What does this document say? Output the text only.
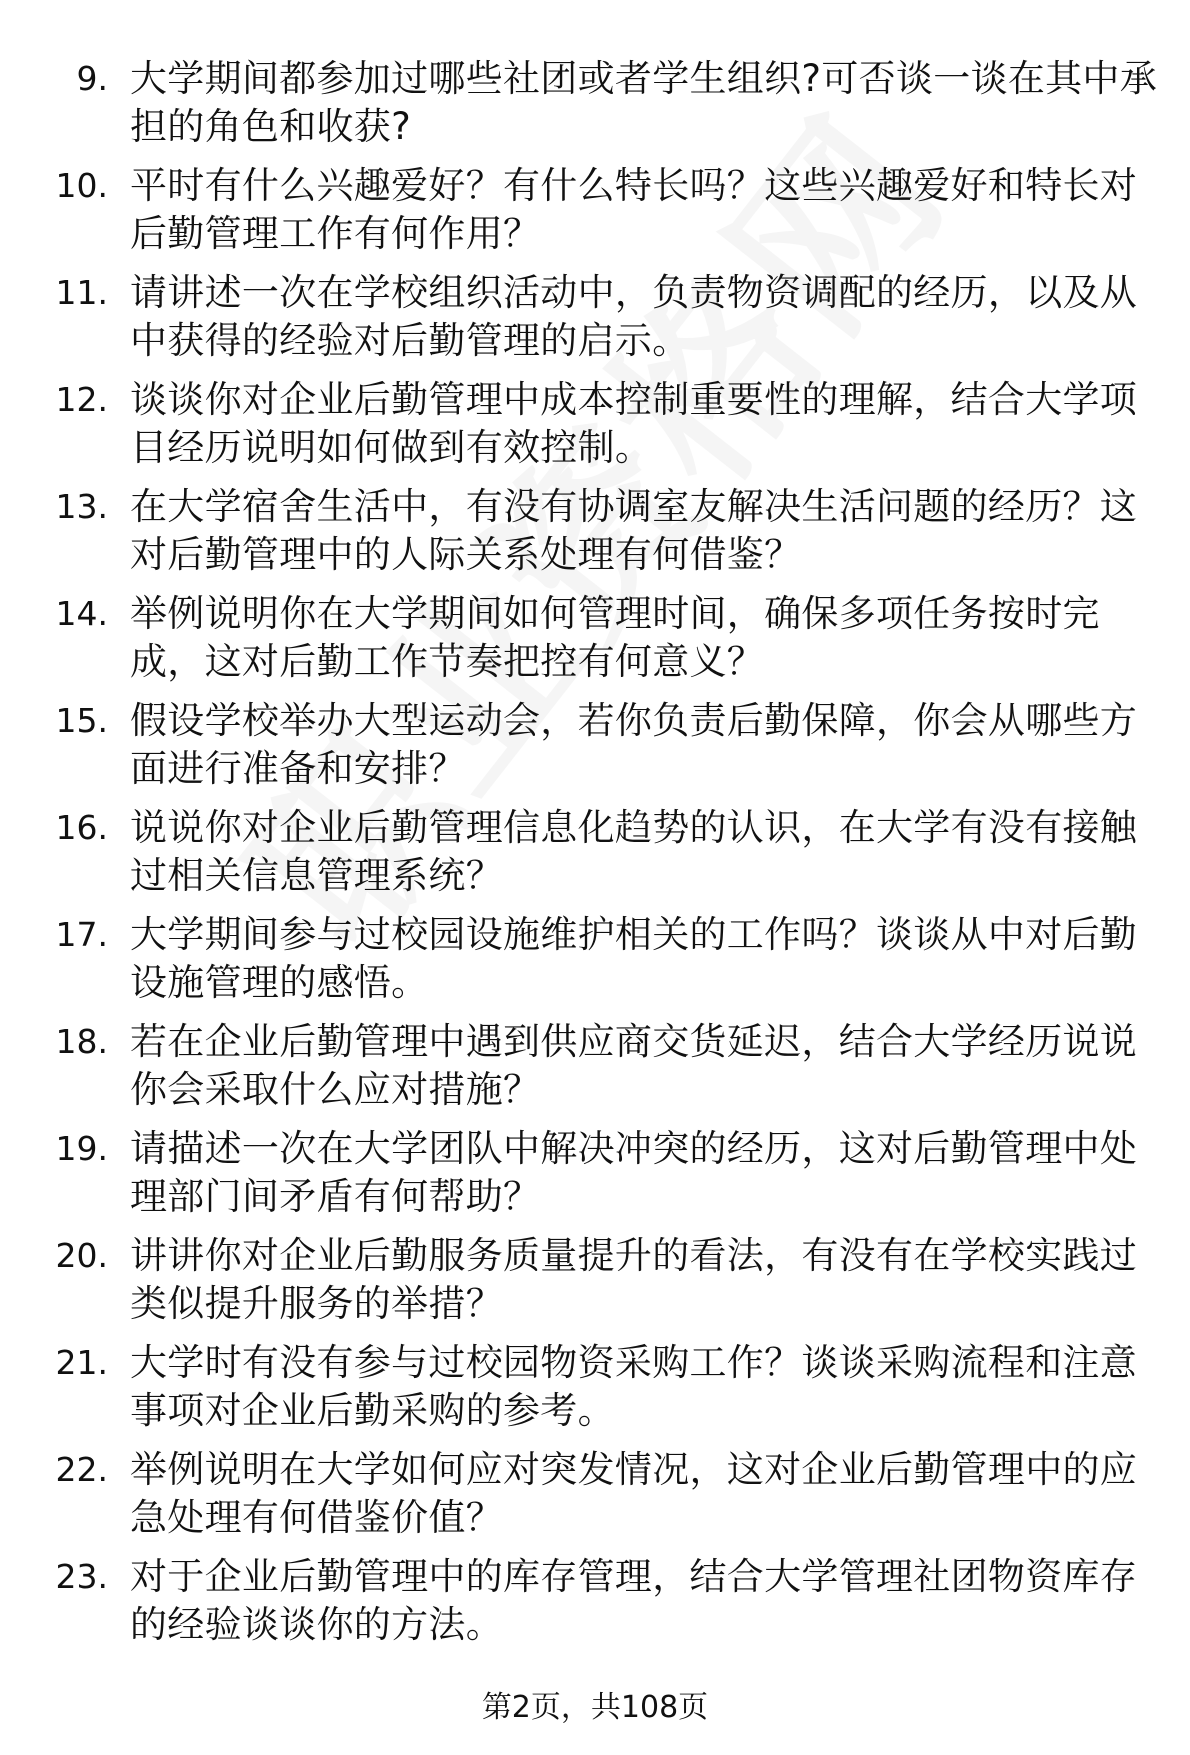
9. 大学期间都参加过哪些社团或者学生组织?可否谈一谈在其中承担的角色和收获?
10. 平时有什么兴趣爱好？有什么特长吗？这些兴趣爱好和特长对后勤管理工作有何作用？
11. 请讲述一次在学校组织活动中，负责物资调配的经历，以及从中获得的经验对后勤管理的启示。
12. 谈谈你对企业后勤管理中成本控制重要性的理解，结合大学项目经历说明如何做到有效控制。
13. 在大学宿舍生活中，有没有协调室友解决生活问题的经历？这对后勤管理中的人际关系处理有何借鉴？
14. 举例说明你在大学期间如何管理时间，确保多项任务按时完成，这对后勤工作节奏把控有何意义？
15. 假设学校举办大型运动会，若你负责后勤保障，你会从哪些方面进行准备和安排？
16. 说说你对企业后勤管理信息化趋势的认识，在大学有没有接触过相关信息管理系统？
17. 大学期间参与过校园设施维护相关的工作吗？谈谈从中对后勤设施管理的感悟。
18. 若在企业后勤管理中遇到供应商交货延迟，结合大学经历说说你会采取什么应对措施？
19. 请描述一次在大学团队中解决冲突的经历，这对后勤管理中处理部门间矛盾有何帮助？
20. 讲讲你对企业后勤服务质量提升的看法，有没有在学校实践过类似提升服务的举措？
21. 大学时有没有参与过校园物资采购工作？谈谈采购流程和注意事项对企业后勤采购的参考。
22. 举例说明在大学如何应对突发情况，这对企业后勤管理中的应急处理有何借鉴价值？
23. 对于企业后勤管理中的库存管理，结合大学管理社团物资库存的经验谈谈你的方法。
第2页，共108页
